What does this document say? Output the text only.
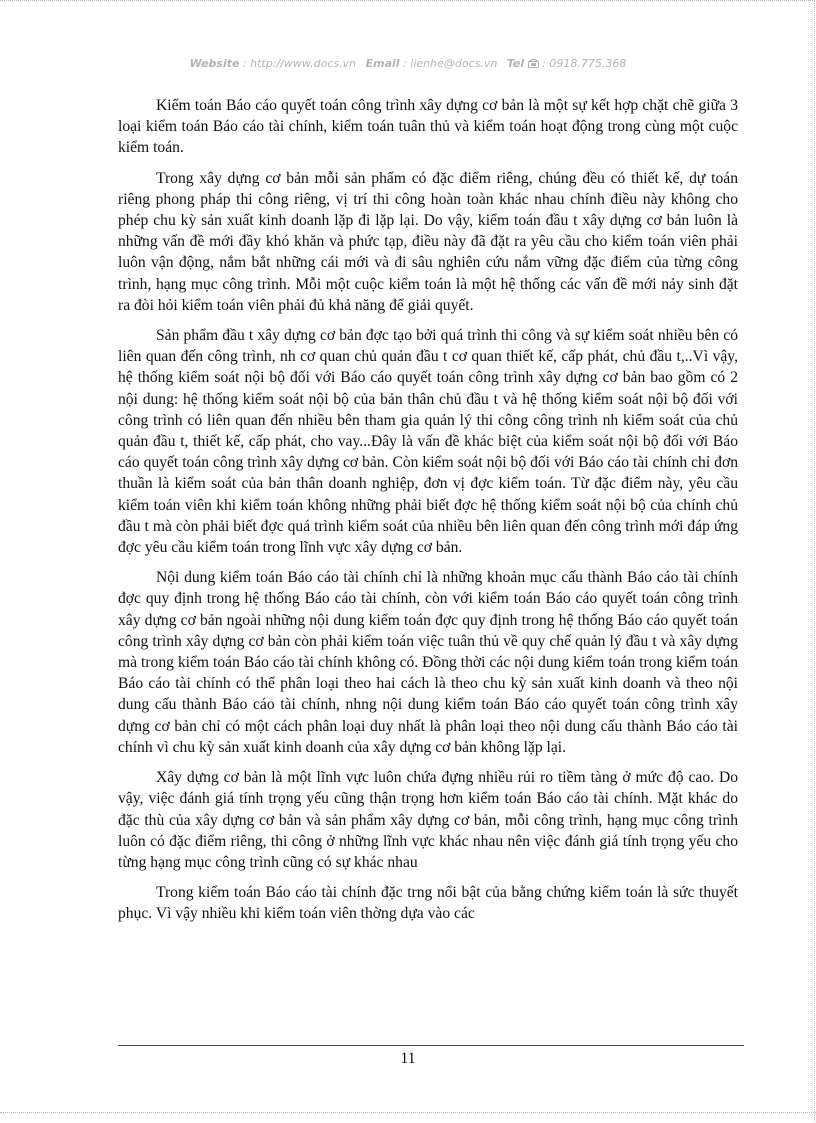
Website : http://www.docs.vn Email : lienhe@docs.vn Tel : 0918.775.368

Kiểm toán Báo cáo quyết toán công trình xây dựng cơ bản là một sự kết hợp chặt chẽ giữa 3 loại kiểm toán Báo cáo tài chính, kiểm toán tuân thủ và kiểm toán hoạt động trong cùng một cuộc kiểm toán.

Trong xây dựng cơ bản mỗi sản phẩm có đặc điểm riêng, chúng đều có thiết kế, dự toán riêng phong pháp thi công riêng, vị trí thi công hoàn toàn khác nhau chính điều này không cho phép chu kỳ sản xuất kinh doanh lặp đi lặp lại. Do vậy, kiểm toán đầu t xây dựng cơ bản luôn là những vấn đề mới đầy khó khăn và phức tạp, điều này đã đặt ra yêu cầu cho kiểm toán viên phải luôn vận động, nắm bắt những cái mới và đi sâu nghiên cứu nắm vững đặc điểm của từng công trình, hạng mục công trình. Mỗi một cuộc kiểm toán là một hệ thống các vấn đề mới nảy sinh đặt ra đòi hỏi kiểm toán viên phải đủ khả năng để giải quyết.

Sản phẩm đầu t xây dựng cơ bản đợc tạo bởi quá trình thi công và sự kiểm soát nhiều bên có liên quan đến công trình, nh cơ quan chủ quản đầu t cơ quan thiết kế, cấp phát, chủ đầu t,..Vì vậy, hệ thống kiểm soát nội bộ đối với Báo cáo quyết toán công trình xây dựng cơ bản bao gồm có 2 nội dung: hệ thống kiểm soát nội bộ của bản thân chủ đầu t và hệ thống kiểm soát nội bộ đối với công trình có liên quan đến nhiều bên tham gia quản lý thi công công trình nh kiểm soát của chủ quản đầu t, thiết kế, cấp phát, cho vay...Đây là vấn đề khác biệt của kiểm soát nội bộ đối với Báo cáo quyết toán công trình xây dựng cơ bản. Còn kiểm soát nội bộ đối với Báo cáo tài chính chỉ đơn thuần là kiểm soát của bản thân doanh nghiệp, đơn vị đợc kiểm toán. Từ đặc điểm này, yêu cầu kiểm toán viên khi kiểm toán không những phải biết đợc hệ thống kiểm soát nội bộ của chính chủ đầu t mà còn phải biết đợc quá trình kiểm soát của nhiều bên liên quan đến công trình mới đáp ứng đợc yêu cầu kiểm toán trong lĩnh vực xây dựng cơ bản.

Nội dung kiểm toán Báo cáo tài chính chỉ là những khoản mục cấu thành Báo cáo tài chính đợc quy định trong hệ thống Báo cáo tài chính, còn với kiểm toán Báo cáo quyết toán công trình xây dựng cơ bản ngoài những nội dung kiểm toán đợc quy định trong hệ thống Báo cáo quyết toán công trình xây dựng cơ bản còn phải kiểm toán việc tuân thủ về quy chế quản lý đầu t và xây dựng mà trong kiểm toán Báo cáo tài chính không có. Đồng thời các nội dung kiểm toán trong kiểm toán Báo cáo tài chính có thể phân loại theo hai cách là theo chu kỳ sản xuất kinh doanh và theo nội dung cấu thành Báo cáo tài chính, nhng nội dung kiểm toán Báo cáo quyết toán công trình xây dựng cơ bản chỉ có một cách phân loại duy nhất là phân loại theo nội dung cấu thành Báo cáo tài chính vì chu kỳ sản xuất kinh doanh của xây dựng cơ bản không lặp lại.

Xây dựng cơ bản là một lĩnh vực luôn chứa đựng nhiều rủi ro tiềm tàng ở mức độ cao. Do vậy, việc đánh giá tính trọng yếu cũng thận trọng hơn kiểm toán Báo cáo tài chính. Mặt khác do đặc thù của xây dựng cơ bản và sản phẩm xây dựng cơ bản, mỗi công trình, hạng mục công trình luôn có đặc điểm riêng, thi công ở những lĩnh vực khác nhau nên việc đánh giá tính trọng yếu cho từng hạng mục công trình cũng có sự khác nhau

Trong kiểm toán Báo cáo tài chính đặc trng nổi bật của bằng chứng kiểm toán là sức thuyết phục. Vì vậy nhiều khi kiểm toán viên thờng dựa vào các

11
